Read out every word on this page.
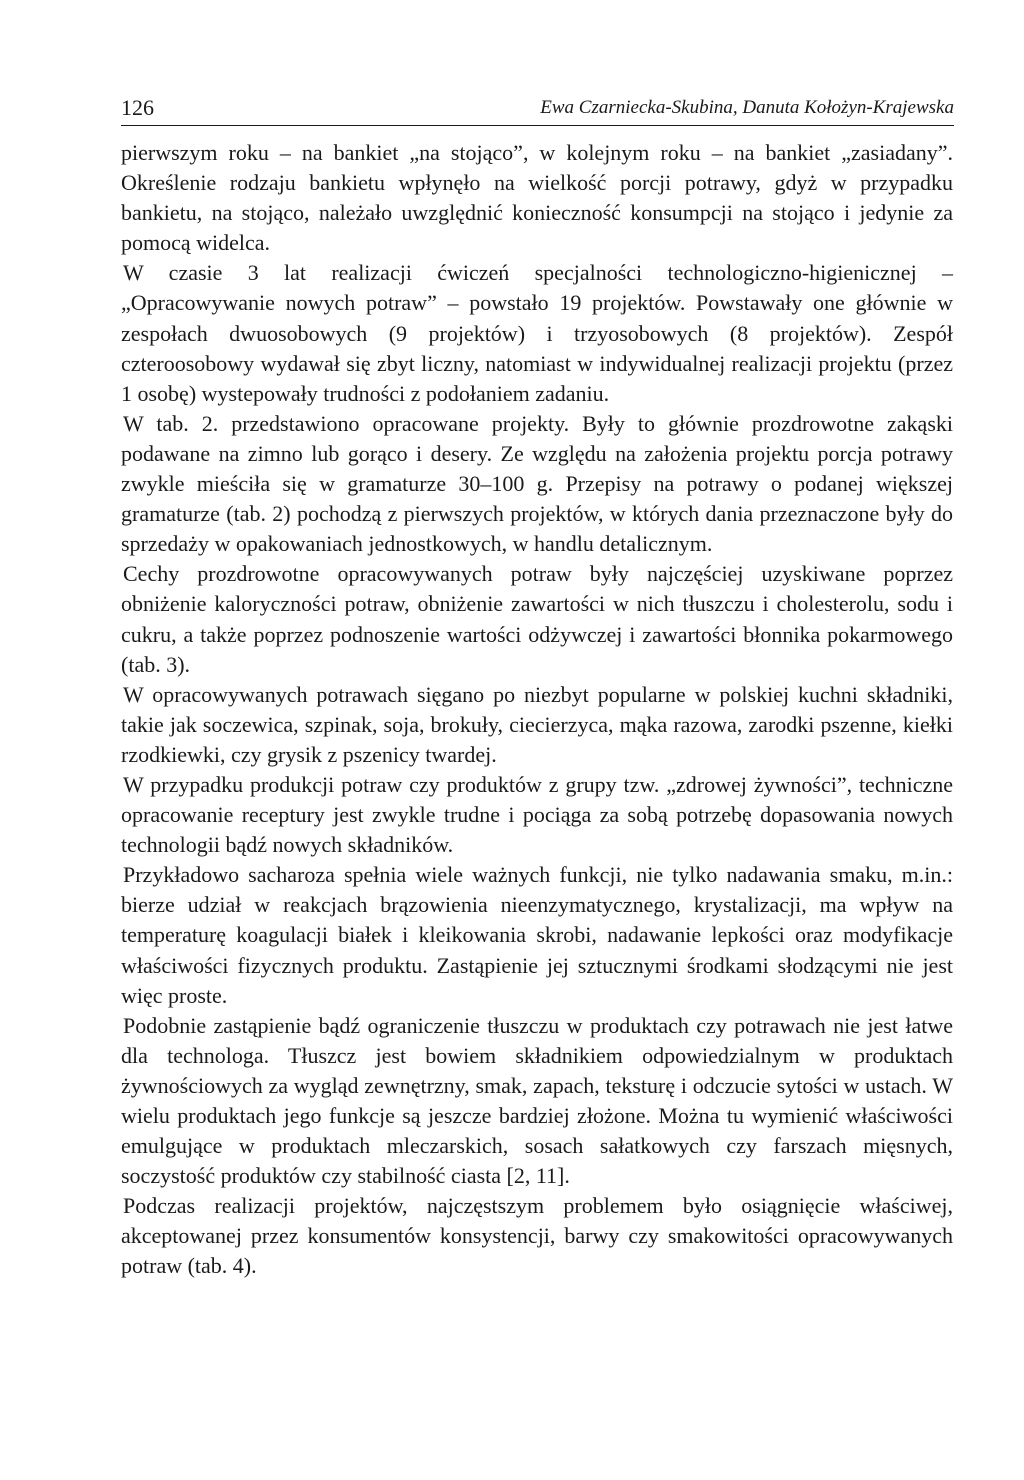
126	Ewa Czarniecka-Skubina, Danuta Kołożyn-Krajewska

pierwszym roku – na bankiet „na stojąco”, w kolejnym roku – na bankiet „zasiadany”. Określenie rodzaju bankietu wpłynęło na wielkość porcji potrawy, gdyż w przypadku bankietu, na stojąco, należało uwzględnić konieczność konsumpcji na stojąco i jedynie za pomocą widelca.

W czasie 3 lat realizacji ćwiczeń specjalności technologiczno-higienicznej – „Opracowywanie nowych potraw” – powstało 19 projektów. Powstawały one głównie w zespołach dwuosobowych (9 projektów) i trzyosobowych (8 projektów). Zespół czteroosobowy wydawał się zbyt liczny, natomiast w indywidualnej realizacji projektu (przez 1 osobę) wystepowały trudności z podołaniem zadaniu.

W tab. 2. przedstawiono opracowane projekty. Były to głównie prozdrowotne zakąski podawane na zimno lub gorąco i desery. Ze względu na założenia projektu porcja potrawy zwykle mieściła się w gramaturze 30–100 g. Przepisy na potrawy o podanej większej gramaturze (tab. 2) pochodzą z pierwszych projektów, w których dania przeznaczone były do sprzedaży w opakowaniach jednostkowych, w handlu detalicznym.

Cechy prozdrowotne opracowywanych potraw były najczęściej uzyskiwane poprzez obniżenie kaloryczności potraw, obniżenie zawartości w nich tłuszczu i cholesterolu, sodu i cukru, a także poprzez podnoszenie wartości odżywczej i zawartości błonnika pokarmowego (tab. 3).

W opracowywanych potrawach sięgano po niezbyt popularne w polskiej kuchni składniki, takie jak soczewica, szpinak, soja, brokuły, ciecierzyca, mąka razowa, zarodki pszenne, kiełki rzodkiewki, czy grysik z pszenicy twardej.

W przypadku produkcji potraw czy produktów z grupy tzw. „zdrowej żywności”, techniczne opracowanie receptury jest zwykle trudne i pociąga za sobą potrzebę dopasowania nowych technologii bądź nowych składników.

Przykładowo sacharoza spełnia wiele ważnych funkcji, nie tylko nadawania smaku, m.in.: bierze udział w reakcjach brązowienia nieenzymatycznego, krystalizacji, ma wpływ na temperaturę koagulacji białek i kleikowania skrobi, nadawanie lepkości oraz modyfikacje właściwości fizycznych produktu. Zastąpienie jej sztucznymi środkami słodzącymi nie jest więc proste.

Podobnie zastąpienie bądź ograniczenie tłuszczu w produktach czy potrawach nie jest łatwe dla technologa. Tłuszcz jest bowiem składnikiem odpowiedzialnym w produktach żywnościowych za wygląd zewnętrzny, smak, zapach, teksturę i odczucie sytości w ustach. W wielu produktach jego funkcje są jeszcze bardziej złożone. Można tu wymienić właściwości emulgujące w produktach mleczarskich, sosach sałatkowych czy farszach mięsnych, soczystość produktów czy stabilność ciasta [2, 11].

Podczas realizacji projektów, najczęstszym problemem było osiągnięcie właściwej, akceptowanej przez konsumentów konsystencji, barwy czy smakowitości opracowywanych potraw (tab. 4).
